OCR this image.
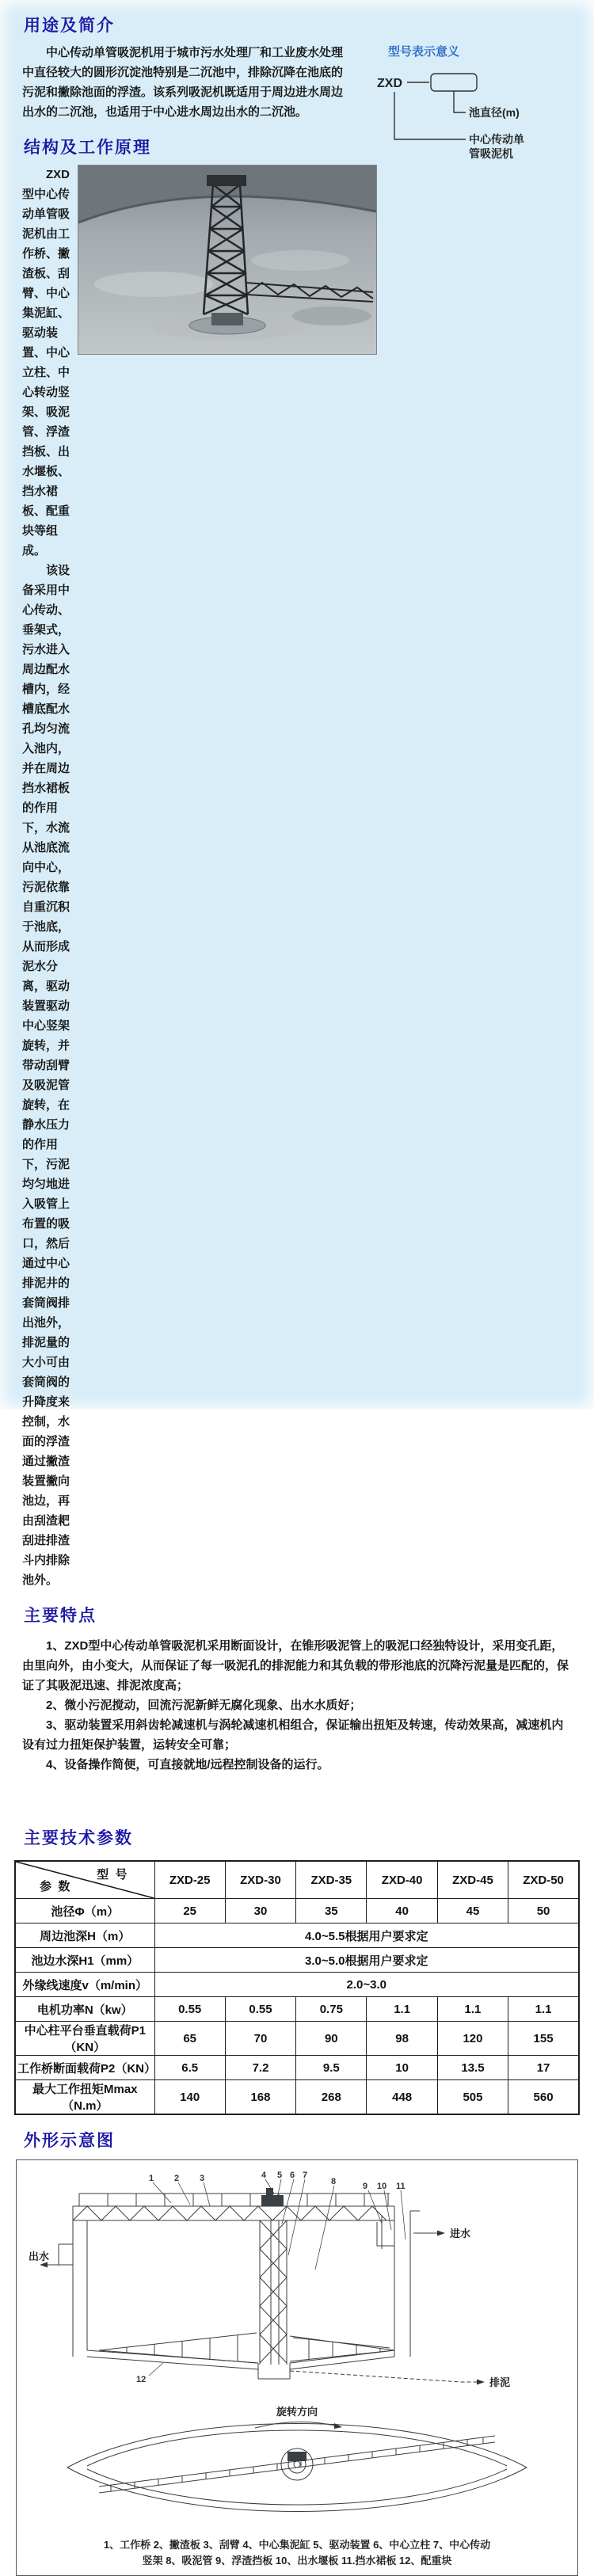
用途及简介
型号表示意义
ZXD
池直径(m)
中心传动单
管吸泥机

中心传动单管吸泥机用于城市污水处理厂和工业废水处理中直径较大的圆形沉淀池特别是二沉池中，排除沉降在池底的污泥和撇除池面的浮渣。该系列吸泥机既适用于周边进水周边出水的二沉池，也适用于中心进水周边出水的二沉池。

结构及工作原理

ZXD型中心传动单管吸泥机由工作桥、撇渣板、刮臂、中心集泥缸、驱动装置、中心立柱、中心转动竖架、吸泥管、浮渣挡板、出水堰板、挡水裙板、配重块等组成。

该设备采用中心传动、垂架式，污水进入周边配水槽内，经槽底配水孔均匀流入池内，并在周边挡水裙板的作用下，水流从池底流向中心，污泥依靠自重沉积于池底，从而形成泥水分离，驱动装置驱动中心竖架旋转，并带动刮臂及吸泥管旋转，在静水压力的作用下，污泥均匀地进入吸管上布置的吸口，然后通过中心排泥井的套筒阀排出池外，排泥量的大小可由套筒阀的升降度来控制，水面的浮渣通过撇渣装置撇向池边，再由刮渣耙刮进排渣斗内排除池外。

主要特点

1、ZXD型中心传动单管吸泥机采用断面设计，在锥形吸泥管上的吸泥口经独特设计，采用变孔距，由里向外，由小变大，从而保证了每一吸泥孔的排泥能力和其负载的带形池底的沉降污泥量是匹配的，保证了其吸泥迅速、排泥浓度高；

2、微小污泥搅动，回流污泥新鲜无腐化现象、出水水质好；

3、驱动装置采用斜齿轮减速机与涡轮减速机相组合，保证输出扭矩及转速，传动效果高，减速机内设有过力扭矩保护装置，运转安全可靠；

4、设备操作简便，可直接就地/远程控制设备的运行。

主要技术参数
型  号
参  数	ZXD-25	ZXD-30	ZXD-35	ZXD-40	ZXD-45	ZXD-50
池径Φ（m）	25	30	35	40	45	50
周边池深H（m）	4.0~5.5根据用户要求定					
池边水深H1（mm）	3.0~5.0根据用户要求定					
外缘线速度v（m/min）	2.0~3.0					
电机功率N（kw）	0.55	0.55	0.75	1.1	1.1	1.1
中心柱平台垂直载荷P1（KN）	65	70	90	98	120	155
工作桥断面载荷P2（KN）	6.5	7.2	9.5	10	13.5	17
最大工作扭矩Mmax（N.m）	140	168	268	448	505	560
外形示意图
1 2 3	4 5 6 7
8	9 10 11
12
出水
进水
排泥
旋转方向
1、工作桥 2、撇渣板 3、刮臂 4、中心集泥缸 5、驱动装置 6、中心立柱 7、中心传动
竖架 8、吸泥管 9、浮渣挡板 10、出水堰板 11.挡水裙板 12、配重块
